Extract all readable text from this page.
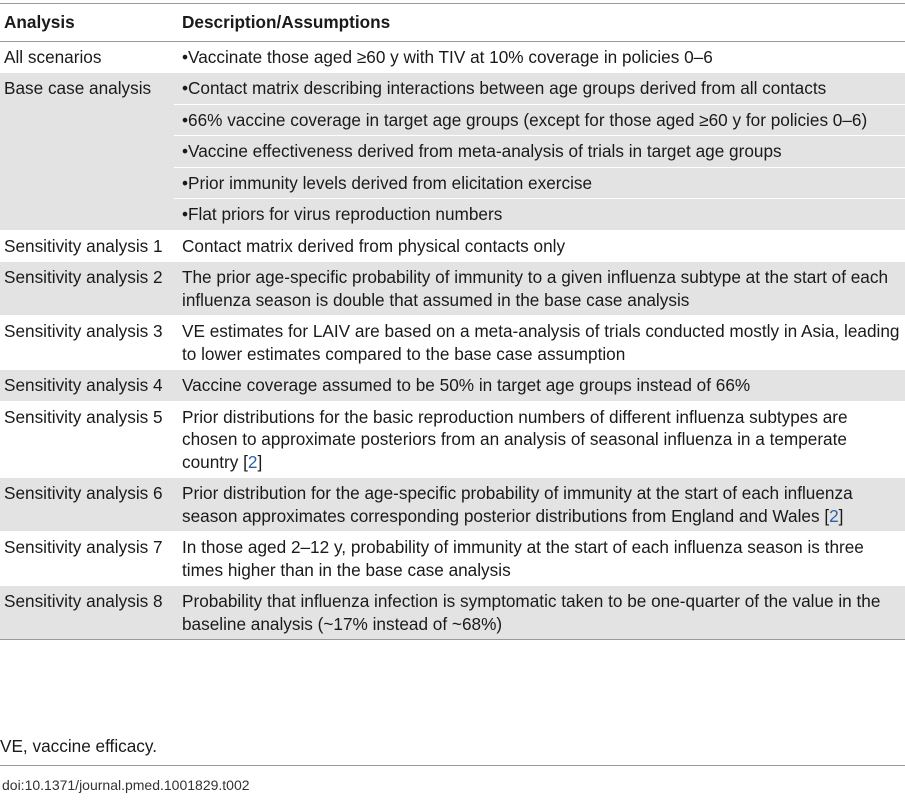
Analysis	Description/Assumptions
All scenarios	•Vaccinate those aged ≥60 y with TIV at 10% coverage in policies 0–6
Base case analysis	•Contact matrix describing interactions between age groups derived from all contacts
	•66% vaccine coverage in target age groups (except for those aged ≥60 y for policies 0–6)
	•Vaccine effectiveness derived from meta-analysis of trials in target age groups
	•Prior immunity levels derived from elicitation exercise
	•Flat priors for virus reproduction numbers
Sensitivity analysis 1	Contact matrix derived from physical contacts only
Sensitivity analysis 2	The prior age-specific probability of immunity to a given influenza subtype at the start of each influenza season is double that assumed in the base case analysis
Sensitivity analysis 3	VE estimates for LAIV are based on a meta-analysis of trials conducted mostly in Asia, leading to lower estimates compared to the base case assumption
Sensitivity analysis 4	Vaccine coverage assumed to be 50% in target age groups instead of 66%
Sensitivity analysis 5	Prior distributions for the basic reproduction numbers of different influenza subtypes are chosen to approximate posteriors from an analysis of seasonal influenza in a temperate country [2]
Sensitivity analysis 6	Prior distribution for the age-specific probability of immunity at the start of each influenza season approximates corresponding posterior distributions from England and Wales [2]
Sensitivity analysis 7	In those aged 2–12 y, probability of immunity at the start of each influenza season is three times higher than in the base case analysis
Sensitivity analysis 8	Probability that influenza infection is symptomatic taken to be one-quarter of the value in the baseline analysis (~17% instead of ~68%)
VE, vaccine efficacy.
doi:10.1371/journal.pmed.1001829.t002
